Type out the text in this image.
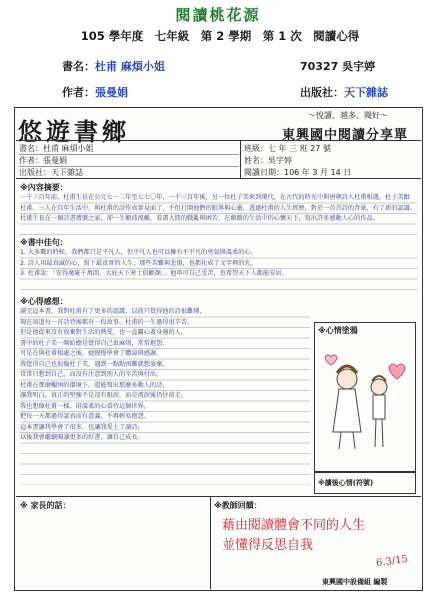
閱讀桃花源
105 學年度　七年級　第 2 學期　第 1 次　閱讀心得
書名：杜甫 麻煩小姐	70327 吳宇婷
作者：張曼娟	出版社：天下雜誌
悠遊書鄉
～悅讀、越多、閱好～
東興國中閱讀分享單
書名：杜甫 麻煩小姐	班級：七 年 三 班 27 號
作者：張曼娟	姓名：吳宇婷
出版社：天下雜誌	閱讀日期：106 年 3 月 14 日
※內容摘要：
一千三百年前，杜甫生長在公元七一二年至七七〇年，一千三百年後，另一位杜子美來到現代，在古代的時光中與唐朝詩人杜甫相遇，杜子美跟
杜甫。三人在百年生活中，與杜甫的詩作真實見面了，不但打開他們的眼界與心靈，透過杜甫的人生經歷，對於一首首詩的背景，有了新的認識。
杜甫生長在一個詩書禮樂之家，卻一生顛沛流離，看盡人間的戰亂與困苦，在顛簸的生活中仍心懷天下，寫出許多感動人心的作品。
※書中佳句：
1. 大多數的時候，我們都只是平凡人，但平凡人也可以擁有不平凡的勇氣與溫柔的心。
2. 詩人用最真誠的心，寫下最真實的人生；那些苦難與悲傷，也都化成了文字裡的光。
3. 杜甫說：「安得廣廈千萬間，大庇天下寒士俱歡顏。」他寧可自己受苦，也希望天下人都能安居。
※心得感想：
讀完這本書，我對杜甫有了更多的認識，以前只覺得他的詩很難懂，
現在知道每一首詩背後都有一段故事。杜甫的一生過得很辛苦，
但是他從來沒有放棄對生活的熱愛，也一直關心著身邊的人。
書中的杜子美一開始總是覺得自己很麻煩，常常抱怨，
可是在與杜甫相處之後，她慢慢學會了體諒與感謝。
我覺得自己也很像杜子美，遇到一點點困難就想放棄，
常常只想到自己，而沒有注意到別人的辛苦與付出。
杜甫在那麼艱困的環境下，還能寫出那麼多動人的詩，
讓我明白，真正的堅強不是沒有眼淚，而是流淚後仍往前走。
我也想像杜甫一樣，用溫柔的心看待這個世界，
把每一天都過得認真而有意義，不再輕易抱怨。
這本書讓我學會了很多，也讓我愛上了讀詩，
以後我會繼續閱讀更多的好書，讓自己成長。
※心情塗鴉
※讀後心情(符號)
※ 家長的話：	※教師回饋：
藉由閱讀體會不同的人生
並懂得反思自我
6.3/15
東興國中設備組 編製
